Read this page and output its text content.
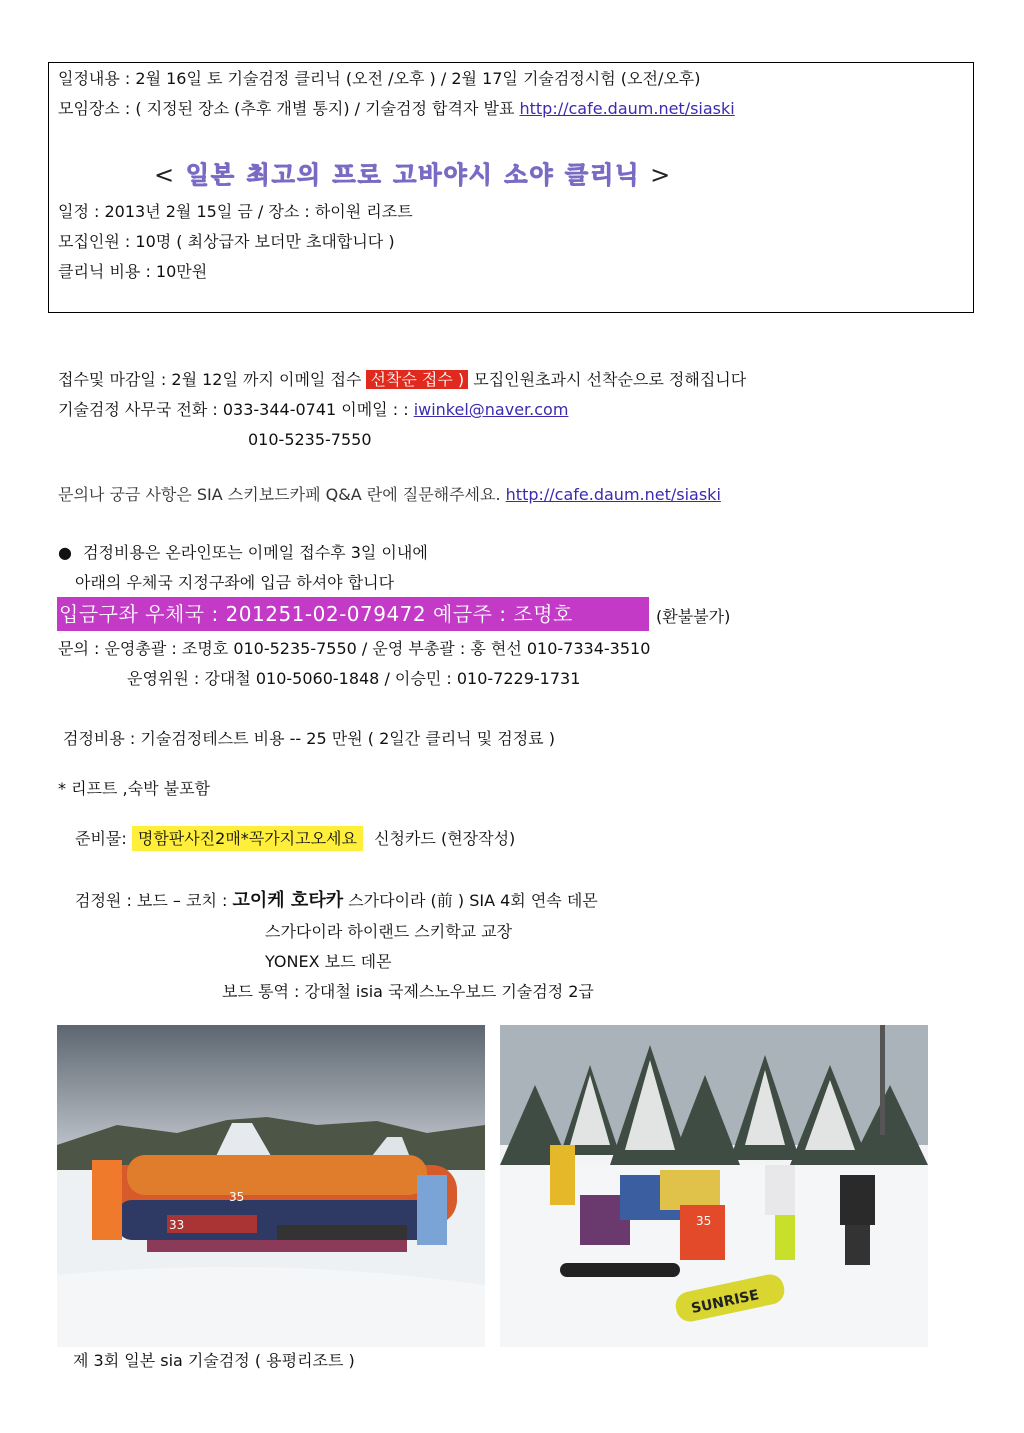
일정내용 : 2월 16일 토 기술검정 클리닉 (오전 /오후 ) / 2월 17일 기술검정시험 (오전/오후)
모임장소 : ( 지정된 장소 (추후 개별 통지) / 기술검정 합격자 발표 http://cafe.daum.net/siaski
< 일본 최고의 프로 고바야시 소야 클리닉 >
일정 : 2013년 2월 15일 금 / 장소 : 하이원 리조트
모집인원 : 10명 ( 최상급자 보더만 초대합니다 )
클리닉 비용 : 10만원
접수및 마감일 : 2월 12일 까지 이메일 접수 선착순 접수 ) 모집인원초과시 선착순으로 정해집니다
기술검정 사무국 전화 : 033-344-0741 이메일 : : iwinkel@naver.com
010-5235-7550
문의나 궁금 사항은 SIA 스키보드카페 Q&A 란에 질문해주세요. http://cafe.daum.net/siaski
● 검정비용은 온라인또는 이메일 접수후 3일 이내에
아래의 우체국 지정구좌에 입금 하셔야 합니다
입금구좌 우체국 : 201251-02-079472 예금주 : 조명호	(환불불가)
문의 : 운영총괄 : 조명호 010-5235-7550 / 운영 부총괄 : 홍 현선 010-7334-3510
운영위원 : 강대철 010-5060-1848 / 이승민 : 010-7229-1731
검정비용 : 기술검정테스트 비용 -- 25 만원 ( 2일간 클리닉 및 검정료 )
* 리프트 ,숙박 불포함
준비물: 명함판사진2매*꼭가지고오세요 신청카드 (현장작성)
검정원 : 보드 – 코치 : 고이케 호타카 스가다이라 (前 ) SIA 4회 연속 데몬
스가다이라 하이랜드 스키학교 교장
YONEX 보드 데몬
보드 통역 : 강대철 isia 국제스노우보드 기술검정 2급
33
35
SUNRISE
35
제 3회 일본 sia 기술검정 ( 용평리조트 )
